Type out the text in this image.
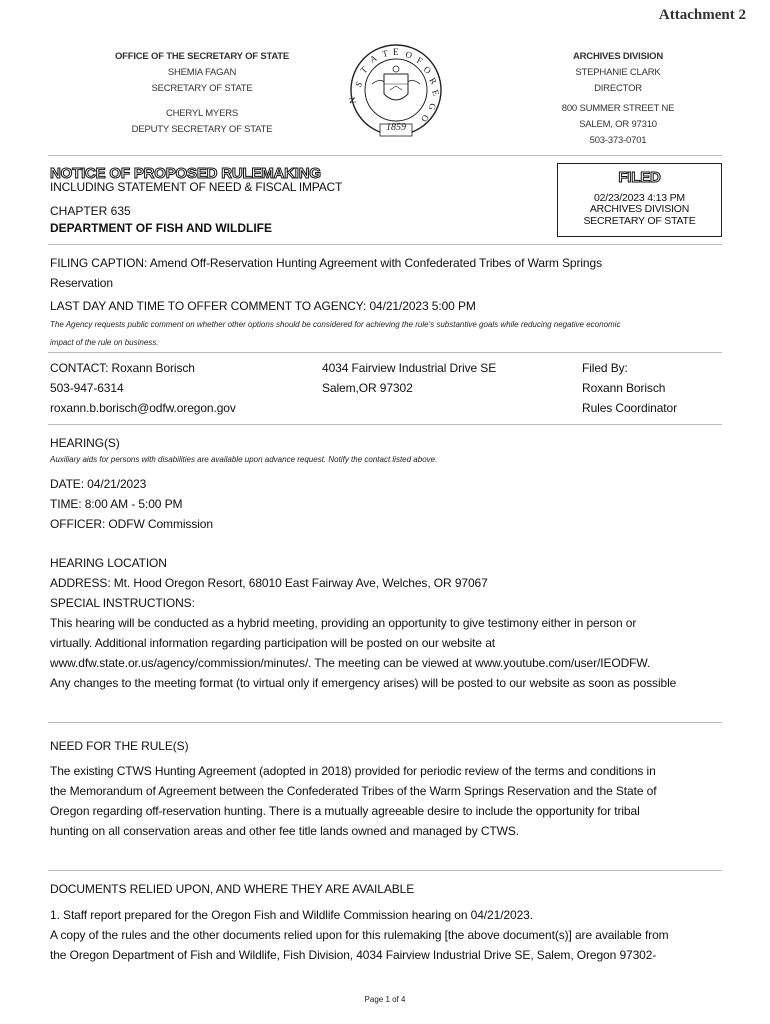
Attachment 2
OFFICE OF THE SECRETARY OF STATE
SHEMIA FAGAN
SECRETARY OF STATE
CHERYL MYERS
DEPUTY SECRETARY OF STATE
S
T
A T E O
F
O
R
E
G
O
N
1859
ARCHIVES DIVISION
STEPHANIE CLARK
DIRECTOR
800 SUMMER STREET NE
SALEM, OR 97310
503-373-0701
NOTICE OF PROPOSED RULEMAKING
INCLUDING STATEMENT OF NEED & FISCAL IMPACT
CHAPTER 635
DEPARTMENT OF FISH AND WILDLIFE
FILED
02/23/2023 4:13 PM
ARCHIVES DIVISION
SECRETARY OF STATE
FILING CAPTION: Amend Off-Reservation Hunting Agreement with Confederated Tribes of Warm Springs
Reservation
LAST DAY AND TIME TO OFFER COMMENT TO AGENCY: 04/21/2023 5:00 PM
The Agency requests public comment on whether other options should be considered for achieving the rule's substantive goals while reducing negative economic
impact of the rule on business.
CONTACT: Roxann Borisch
503-947-6314
roxann.b.borisch@odfw.oregon.gov
4034 Fairview Industrial Drive SE
Salem,OR 97302
Filed By:
Roxann Borisch
Rules Coordinator
HEARING(S)
Auxiliary aids for persons with disabilities are available upon advance request. Notify the contact listed above.
DATE: 04/21/2023
TIME: 8:00 AM - 5:00 PM
OFFICER: ODFW Commission
HEARING LOCATION
ADDRESS: Mt. Hood Oregon Resort, 68010 East Fairway Ave, Welches, OR 97067
SPECIAL INSTRUCTIONS:
This hearing will be conducted as a hybrid meeting, providing an opportunity to give testimony either in person or
virtually. Additional information regarding participation will be posted on our website at
www.dfw.state.or.us/agency/commission/minutes/. The meeting can be viewed at www.youtube.com/user/IEODFW.
Any changes to the meeting format (to virtual only if emergency arises) will be posted to our website as soon as possible
NEED FOR THE RULE(S)
The existing CTWS Hunting Agreement (adopted in 2018) provided for periodic review of the terms and conditions in
the Memorandum of Agreement between the Confederated Tribes of the Warm Springs Reservation and the State of
Oregon regarding off-reservation hunting. There is a mutually agreeable desire to include the opportunity for tribal
hunting on all conservation areas and other fee title lands owned and managed by CTWS.
DOCUMENTS RELIED UPON, AND WHERE THEY ARE AVAILABLE
1. Staff report prepared for the Oregon Fish and Wildlife Commission hearing on 04/21/2023.
A copy of the rules and the other documents relied upon for this rulemaking [the above document(s)] are available from
the Oregon Department of Fish and Wildlife, Fish Division, 4034 Fairview Industrial Drive SE, Salem, Oregon 97302-
Page 1 of 4
